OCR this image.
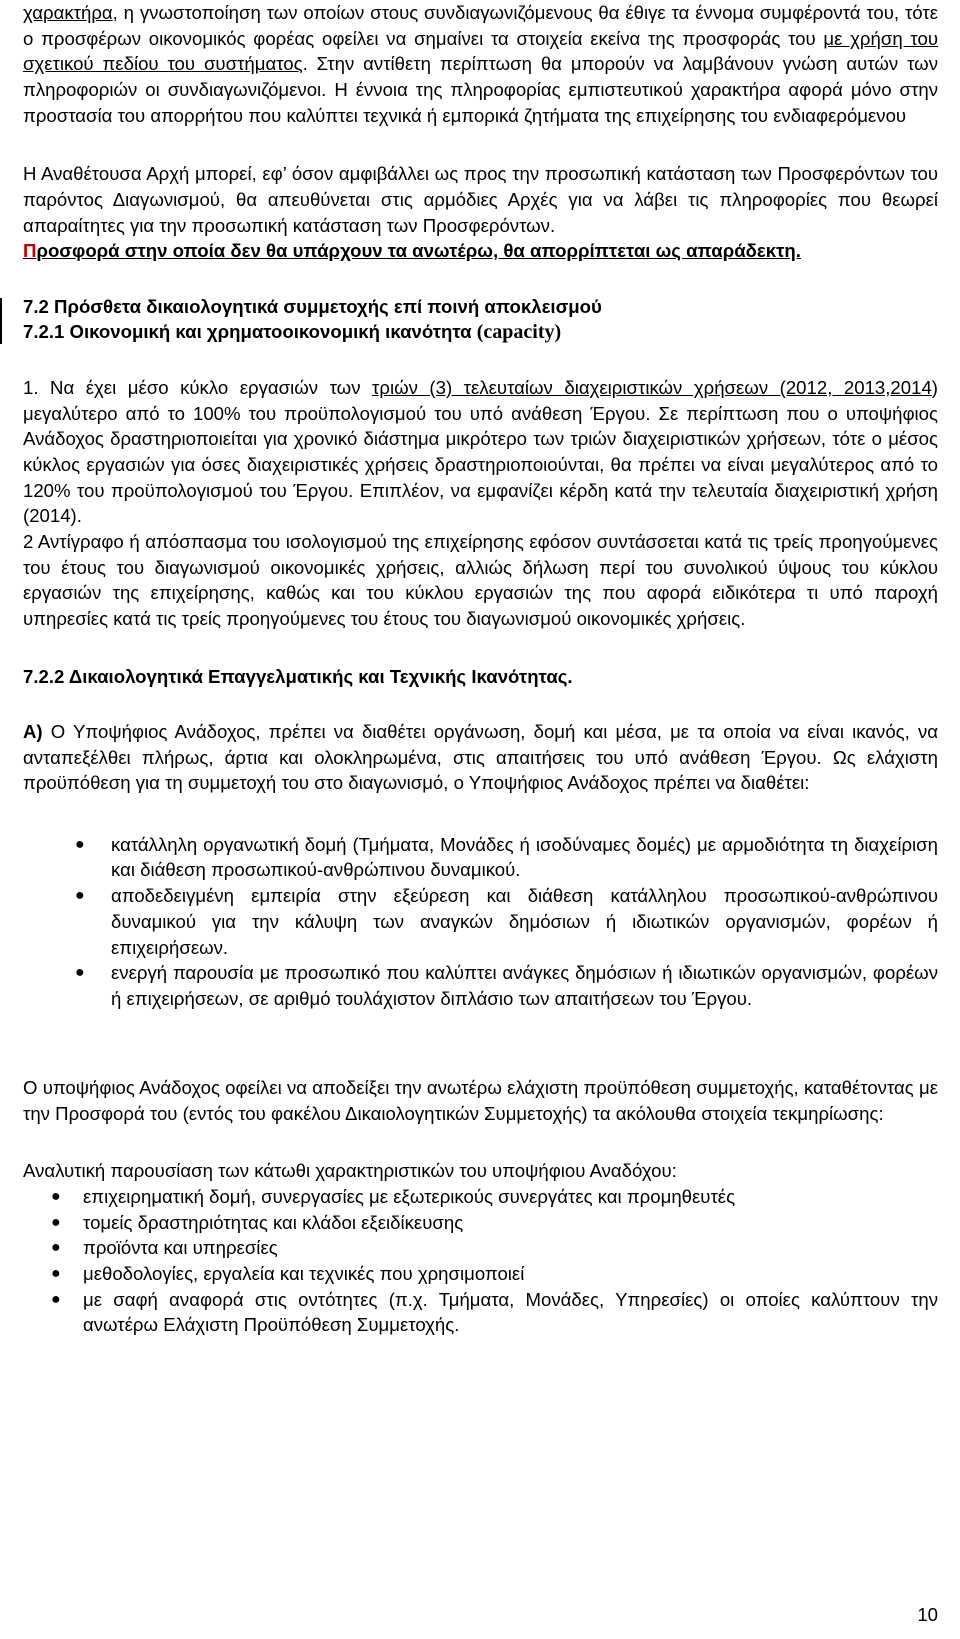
χαρακτήρα, η γνωστοποίηση των οποίων στους συνδιαγωνιζόμενους θα έθιγε τα έννομα συμφέροντά του, τότε ο προσφέρων οικονομικός φορέας οφείλει να σημαίνει τα στοιχεία εκείνα της προσφοράς του με χρήση του σχετικού πεδίου του συστήματος. Στην αντίθετη περίπτωση θα μπορούν να λαμβάνουν γνώση αυτών των πληροφοριών οι συνδιαγωνιζόμενοι. Η έννοια της πληροφορίας εμπιστευτικού χαρακτήρα αφορά μόνο στην προστασία του απορρήτου που καλύπτει τεχνικά ή εμπορικά ζητήματα της επιχείρησης του ενδιαφερόμενου

Η Αναθέτουσα Αρχή μπορεί, εφ’ όσον αμφιβάλλει ως προς την προσωπική κατάσταση των Προσφερόντων του παρόντος Διαγωνισμού, θα απευθύνεται στις αρμόδιες Αρχές για να λάβει τις πληροφορίες που θεωρεί απαραίτητες για την προσωπική κατάσταση των Προσφερόντων.

Προσφορά στην οποία δεν θα υπάρχουν τα ανωτέρω, θα απορρίπτεται ως απαράδεκτη.

7.2 Πρόσθετα δικαιολογητικά συμμετοχής επί ποινή αποκλεισμού

7.2.1 Οικονομική και χρηματοοικονομική ικανότητα (capacity)

1. Να έχει μέσο κύκλο εργασιών των τριών (3) τελευταίων διαχειριστικών χρήσεων (2012, 2013,2014) μεγαλύτερο από το 100% του προϋπολογισμού του υπό ανάθεση Έργου. Σε περίπτωση που ο υποψήφιος Ανάδοχος δραστηριοποιείται για χρονικό διάστημα μικρότερο των τριών διαχειριστικών χρήσεων, τότε ο μέσος κύκλος εργασιών για όσες διαχειριστικές χρήσεις δραστηριοποιούνται, θα πρέπει να είναι μεγαλύτερος από το 120% του προϋπολογισμού του Έργου. Επιπλέον, να εμφανίζει κέρδη κατά την τελευταία διαχειριστική χρήση (2014).

2 Αντίγραφο ή απόσπασμα του ισολογισμού της επιχείρησης εφόσον συντάσσεται κατά τις τρείς προηγούμενες του έτους του διαγωνισμού οικονομικές χρήσεις, αλλιώς δήλωση περί του συνολικού ύψους του κύκλου εργασιών της επιχείρησης, καθώς και του κύκλου εργασιών της που αφορά ειδικότερα τι υπό παροχή υπηρεσίες κατά τις τρείς προηγούμενες του έτους του διαγωνισμού οικονομικές χρήσεις.

7.2.2 Δικαιολογητικά Επαγγελματικής και Τεχνικής Ικανότητας.

Α) Ο Υποψήφιος Ανάδοχος, πρέπει να διαθέτει οργάνωση, δομή και μέσα, με τα οποία να είναι ικανός, να ανταπεξέλθει πλήρως, άρτια και ολοκληρωμένα, στις απαιτήσεις του υπό ανάθεση Έργου. Ως ελάχιστη προϋπόθεση για τη συμμετοχή του στο διαγωνισμό, ο Υποψήφιος Ανάδοχος πρέπει να διαθέτει:

● κατάλληλη οργανωτική δομή (Τμήματα, Μονάδες ή ισοδύναμες δομές) με αρμοδιότητα τη διαχείριση και διάθεση προσωπικού-ανθρώπινου δυναμικού.
● αποδεδειγμένη εμπειρία στην εξεύρεση και διάθεση κατάλληλου προσωπικού-ανθρώπινου δυναμικού για την κάλυψη των αναγκών δημόσιων ή ιδιωτικών οργανισμών, φορέων ή επιχειρήσεων.
● ενεργή παρουσία με προσωπικό που καλύπτει ανάγκες δημόσιων ή ιδιωτικών οργανισμών, φορέων ή επιχειρήσεων, σε αριθμό τουλάχιστον διπλάσιο των απαιτήσεων του Έργου.

Ο υποψήφιος Ανάδοχος οφείλει να αποδείξει την ανωτέρω ελάχιστη προϋπόθεση συμμετοχής, καταθέτοντας με την Προσφορά του (εντός του φακέλου Δικαιολογητικών Συμμετοχής) τα ακόλουθα στοιχεία τεκμηρίωσης:

Αναλυτική παρουσίαση των κάτωθι χαρακτηριστικών του υποψήφιου Αναδόχου:

● επιχειρηματική δομή, συνεργασίες με εξωτερικούς συνεργάτες και προμηθευτές
● τομείς δραστηριότητας και κλάδοι εξειδίκευσης
● προϊόντα και υπηρεσίες
● μεθοδολογίες, εργαλεία και τεχνικές που χρησιμοποιεί
● με σαφή αναφορά στις οντότητες (π.χ. Τμήματα, Μονάδες, Υπηρεσίες) οι οποίες καλύπτουν την ανωτέρω Ελάχιστη Προϋπόθεση Συμμετοχής.
10
